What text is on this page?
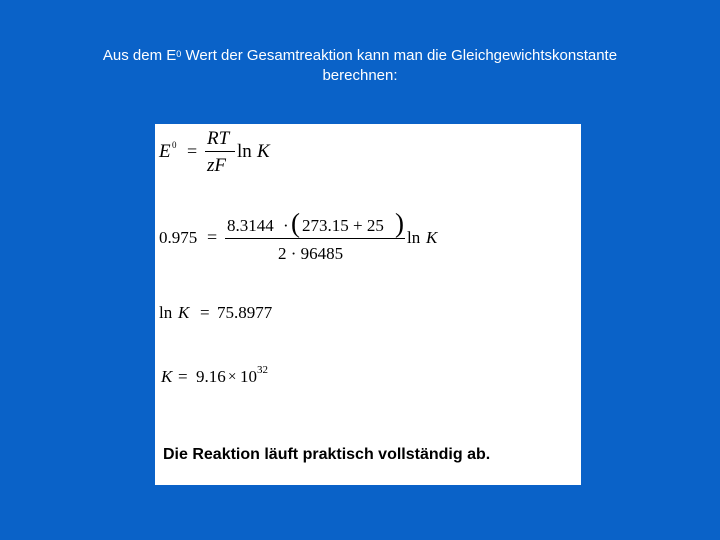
Aus dem $E^0$ Wert der Gesamtreaktion kann man die Gleichgewichtskonstante
berechnen:
E 0 =
RT
zF
ln K
0.975 =
8.3144 · ( 273.15 + 25 )
2 · 96485
ln K
ln K = 75.8977
K = 9.16 × 10 32
Die Reaktion läuft praktisch vollständig ab.
